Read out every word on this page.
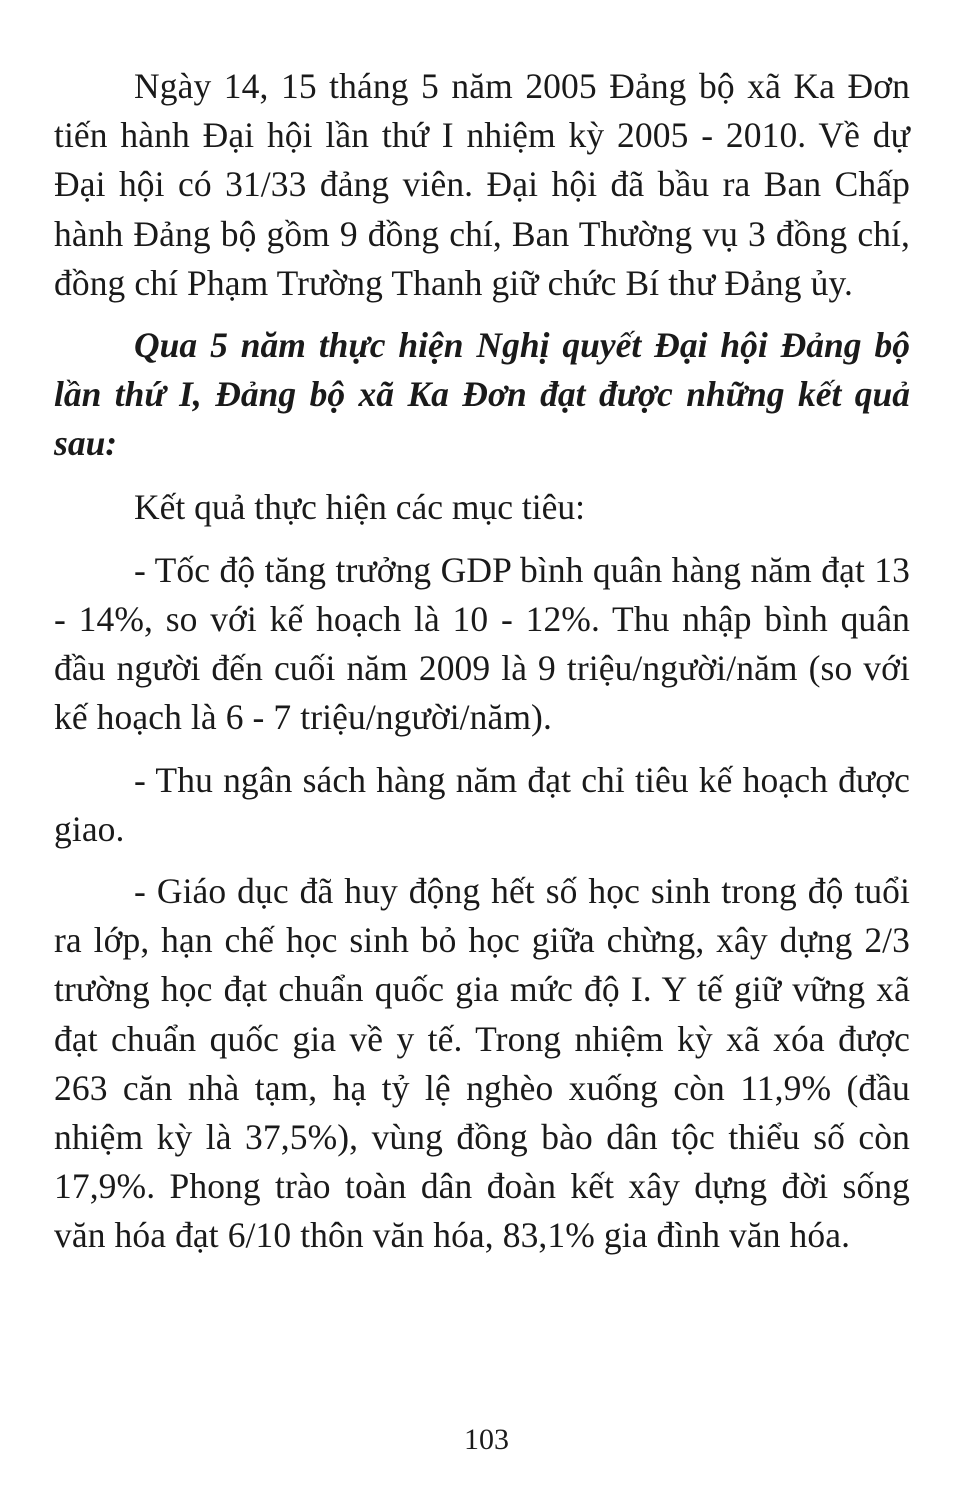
Ngày 14, 15 tháng 5 năm 2005 Đảng bộ xã Ka Đơn tiến hành Đại hội lần thứ I nhiệm kỳ 2005 - 2010. Về dự Đại hội có 31/33 đảng viên. Đại hội đã bầu ra Ban Chấp hành Đảng bộ gồm 9 đồng chí, Ban Thường vụ 3 đồng chí, đồng chí Phạm Trường Thanh giữ chức Bí thư Đảng ủy.

Qua 5 năm thực hiện Nghị quyết Đại hội Đảng bộ lần thứ I, Đảng bộ xã Ka Đơn đạt được những kết quả sau:

Kết quả thực hiện các mục tiêu:

- Tốc độ tăng trưởng GDP bình quân hàng năm đạt 13 - 14%, so với kế hoạch là 10 - 12%. Thu nhập bình quân đầu người đến cuối năm 2009 là 9 triệu/người/năm (so với kế hoạch là 6 - 7 triệu/người/năm).

- Thu ngân sách hàng năm đạt chỉ tiêu kế hoạch được giao.

- Giáo dục đã huy động hết số học sinh trong độ tuổi ra lớp, hạn chế học sinh bỏ học giữa chừng, xây dựng 2/3 trường học đạt chuẩn quốc gia mức độ I. Y tế giữ vững xã đạt chuẩn quốc gia về y tế. Trong nhiệm kỳ xã xóa được 263 căn nhà tạm, hạ tỷ lệ nghèo xuống còn 11,9% (đầu nhiệm kỳ là 37,5%), vùng đồng bào dân tộc thiểu số còn 17,9%. Phong trào toàn dân đoàn kết xây dựng đời sống văn hóa đạt 6/10 thôn văn hóa, 83,1% gia đình văn hóa.

103
